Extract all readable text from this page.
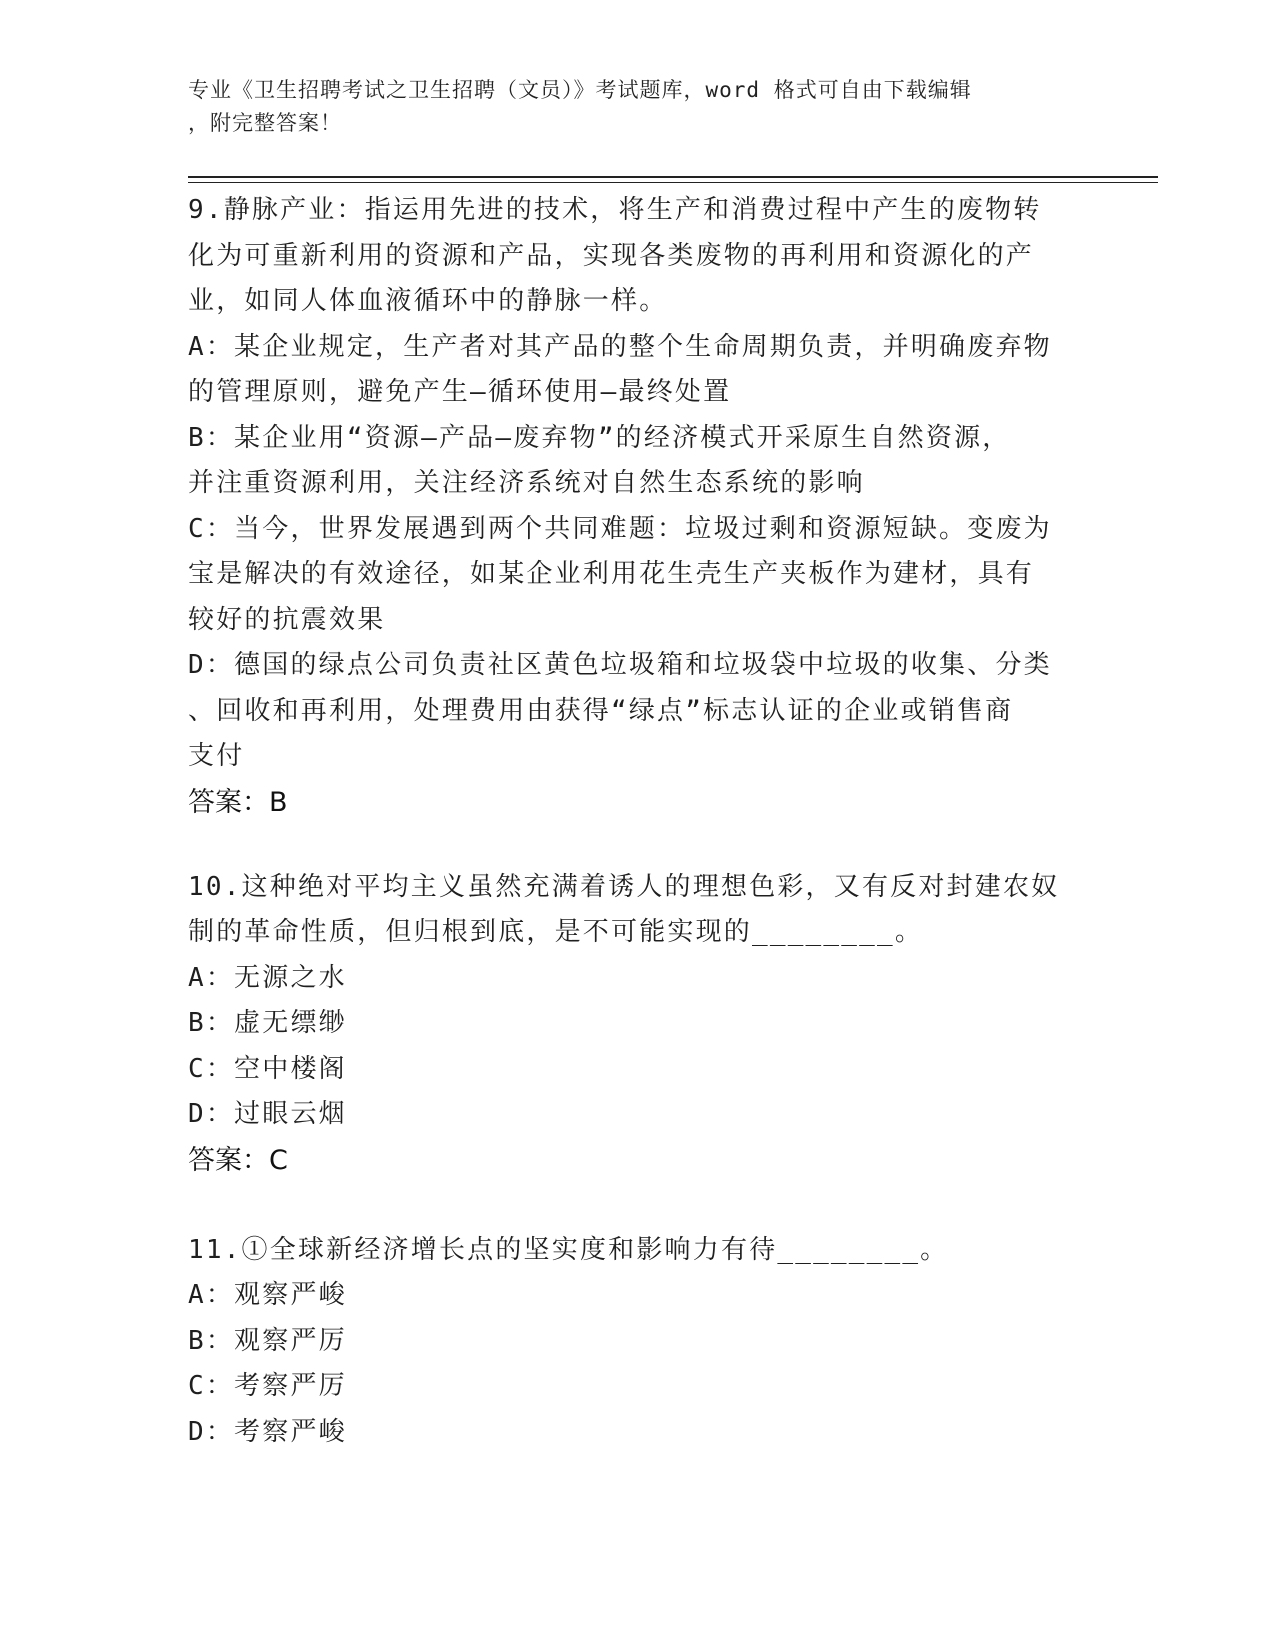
专业《卫生招聘考试之卫生招聘（文员）》考试题库，word 格式可自由下载编辑
，附完整答案！
9.静脉产业：指运用先进的技术，将生产和消费过程中产生的废物转
化为可重新利用的资源和产品，实现各类废物的再利用和资源化的产
业，如同人体血液循环中的静脉一样。
A：某企业规定，生产者对其产品的整个生命周期负责，并明确废弃物
的管理原则，避免产生—循环使用—最终处置
B：某企业用“资源—产品—废弃物”的经济模式开采原生自然资源，
并注重资源利用，关注经济系统对自然生态系统的影响
C：当今，世界发展遇到两个共同难题：垃圾过剩和资源短缺。变废为
宝是解决的有效途径，如某企业利用花生壳生产夹板作为建材，具有
较好的抗震效果
D：德国的绿点公司负责社区黄色垃圾箱和垃圾袋中垃圾的收集、分类
、回收和再利用，处理费用由获得“绿点”标志认证的企业或销售商
支付
答案：B
10.这种绝对平均主义虽然充满着诱人的理想色彩，又有反对封建农奴
制的革命性质，但归根到底，是不可能实现的________。
A：无源之水
B：虚无缥缈
C：空中楼阁
D：过眼云烟
答案：C
11.①全球新经济增长点的坚实度和影响力有待________。
A：观察严峻
B：观察严厉
C：考察严厉
D：考察严峻
